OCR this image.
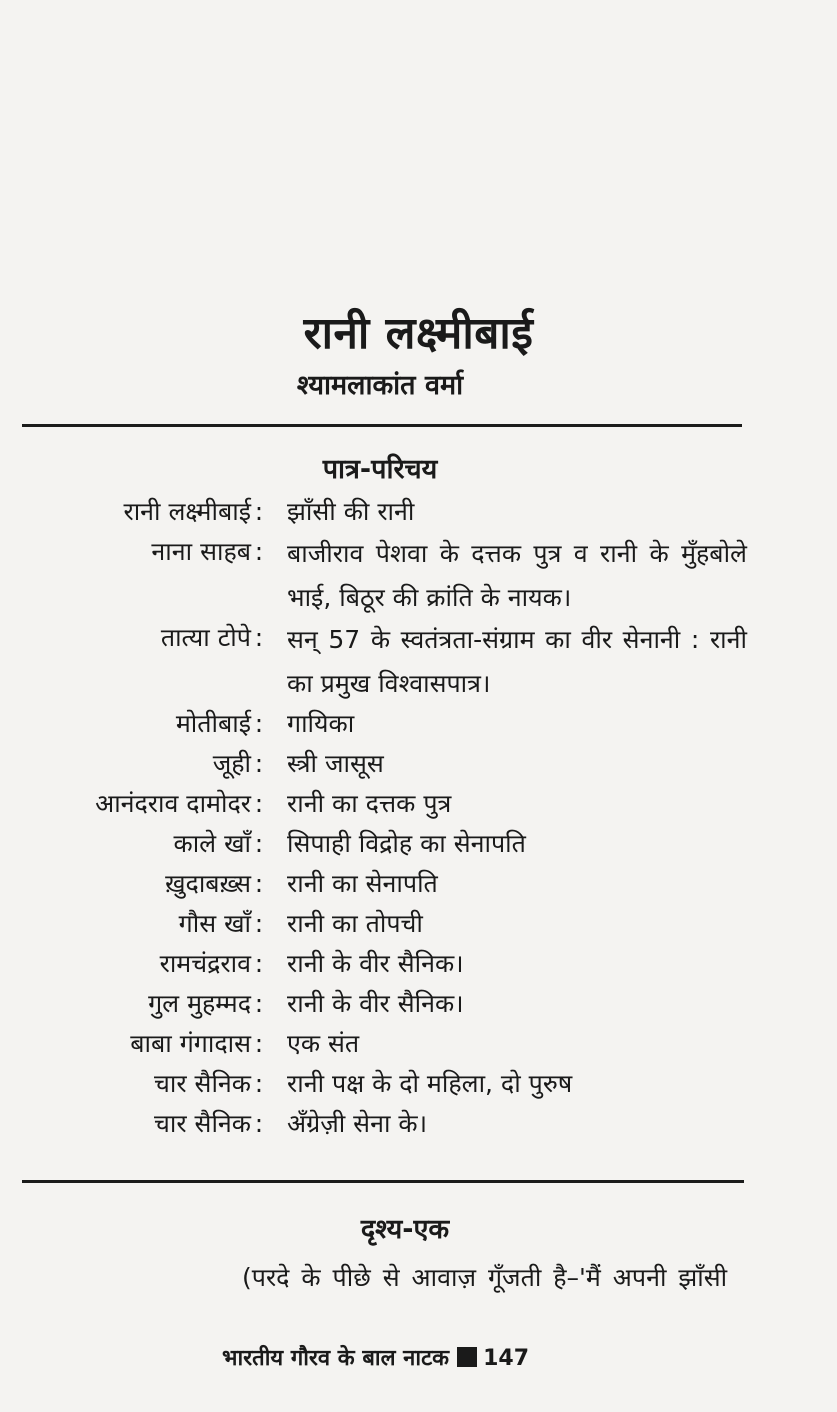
रानी लक्ष्मीबाई
श्यामलाकांत वर्मा
पात्र-परिचय
रानी लक्ष्मीबाई : झाँसी की रानी
नाना साहब : बाजीराव पेशवा के दत्तक पुत्र व रानी के मुँहबोले भाई, बिठूर की क्रांति के नायक।
तात्या टोपे : सन् 57 के स्वतंत्रता-संग्राम का वीर सेनानी : रानी का प्रमुख विश्वासपात्र।
मोतीबाई : गायिका
जूही : स्त्री जासूस
आनंदराव दामोदर : रानी का दत्तक पुत्र
काले खाँ : सिपाही विद्रोह का सेनापति
ख़ुदाबख़्स : रानी का सेनापति
गौस खाँ : रानी का तोपची
रामचंद्रराव : रानी के वीर सैनिक।
गुल मुहम्मद : रानी के वीर सैनिक।
बाबा गंगादास : एक संत
चार सैनिक : रानी पक्ष के दो महिला, दो पुरुष
चार सैनिक : अँग्रेज़ी सेना के।
दृश्य-एक
(परदे के पीछे से आवाज़ गूँजती है–'मैं अपनी झाँसी
भारतीय गौरव के बाल नाटक 147
